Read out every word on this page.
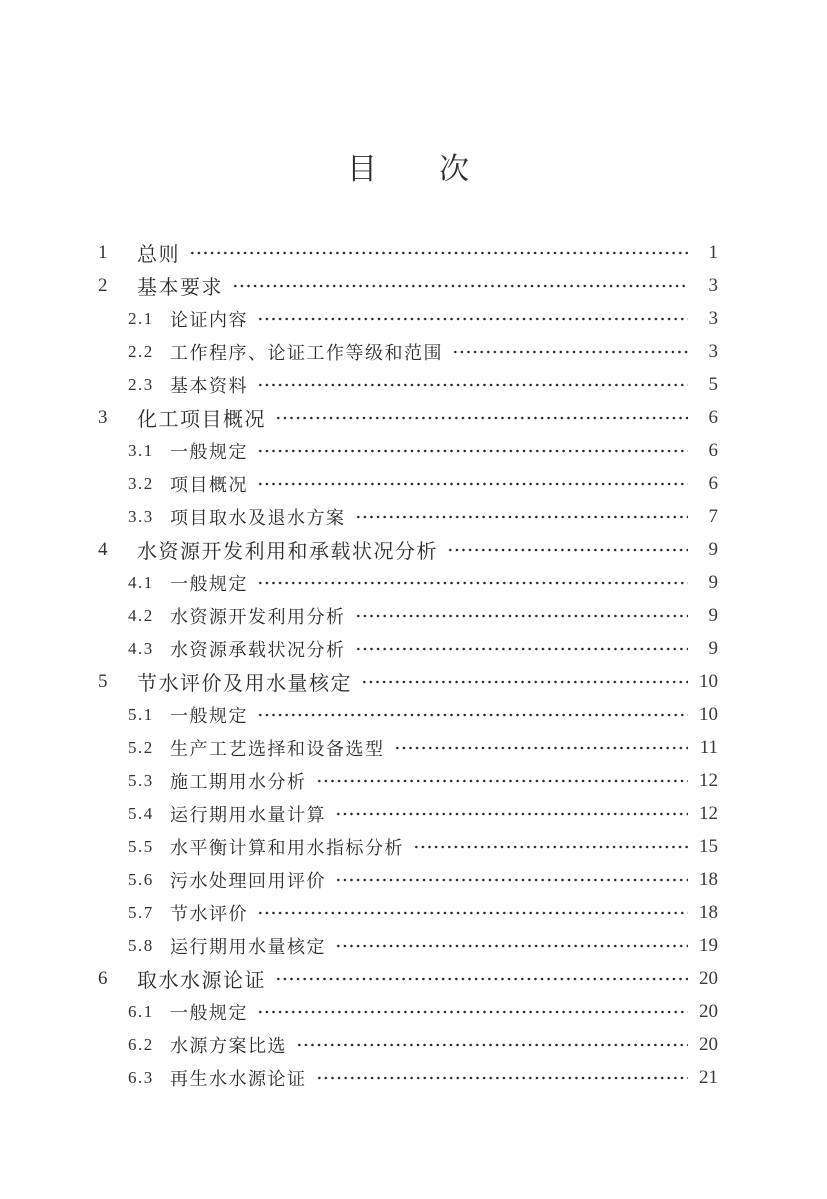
目 次
1	总则	1
2	基本要求	3
2.1 论证内容	3
2.2 工作程序、论证工作等级和范围	3
2.3 基本资料	5
3	化工项目概况	6
3.1 一般规定	6
3.2 项目概况	6
3.3 项目取水及退水方案	7
4	水资源开发利用和承载状况分析	9
4.1 一般规定	9
4.2 水资源开发利用分析	9
4.3 水资源承载状况分析	9
5	节水评价及用水量核定	10
5.1 一般规定	10
5.2 生产工艺选择和设备选型	11
5.3 施工期用水分析	12
5.4 运行期用水量计算	12
5.5 水平衡计算和用水指标分析	15
5.6 污水处理回用评价	18
5.7 节水评价	18
5.8 运行期用水量核定	19
6	取水水源论证	20
6.1 一般规定	20
6.2 水源方案比选	20
6.3 再生水水源论证	21
